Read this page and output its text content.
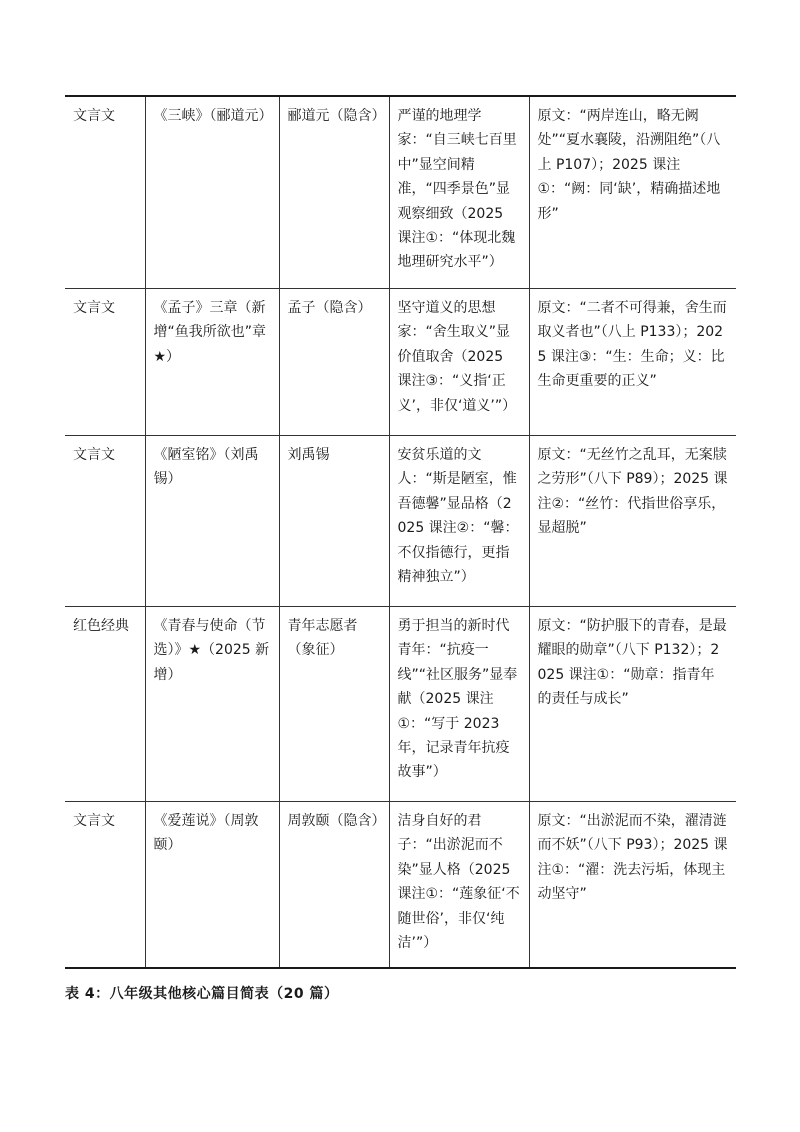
文言文	《三峡》（郦道元）	郦道元（隐含）	严谨的地理学家：“自三峡七百里中”显空间精准，“四季景色”显观察细致（2025 课注①：“体现北魏地理研究水平”）	原文：“两岸连山，略无阙处”“夏水襄陵，沿溯阻绝”（八上 P107）；2025 课注①：“阙：同‘缺’，精确描述地形”
文言文	《孟子》三章（新增“鱼我所欲也”章★）	孟子（隐含）	坚守道义的思想家：“舍生取义”显价值取舍（2025 课注③：“义指‘正义’，非仅‘道义’”）	原文：“二者不可得兼，舍生而取义者也”（八上 P133）；2025 课注③：“生：生命；义：比生命更重要的正义”
文言文	《陋室铭》（刘禹锡）	刘禹锡	安贫乐道的文人：“斯是陋室，惟吾德馨”显品格（2025 课注②：“馨：不仅指德行，更指精神独立”）	原文：“无丝竹之乱耳，无案牍之劳形”（八下 P89）；2025 课注②：“丝竹：代指世俗享乐，显超脱”
红色经典	《青春与使命（节选）》★（2025 新增）	青年志愿者（象征）	勇于担当的新时代青年：“抗疫一线”“社区服务”显奉献（2025 课注①：“写于 2023 年，记录青年抗疫故事”）	原文：“防护服下的青春，是最耀眼的勋章”（八下 P132）；2025 课注①：“勋章：指青年的责任与成长”
文言文	《爱莲说》（周敦颐）	周敦颐（隐含）	洁身自好的君子：“出淤泥而不染”显人格（2025 课注①：“莲象征‘不随世俗’，非仅‘纯洁’”）	原文：“出淤泥而不染，濯清涟而不妖”（八下 P93）；2025 课注①：“濯：洗去污垢，体现主动坚守”
表 4：八年级其他核心篇目简表（20 篇）
